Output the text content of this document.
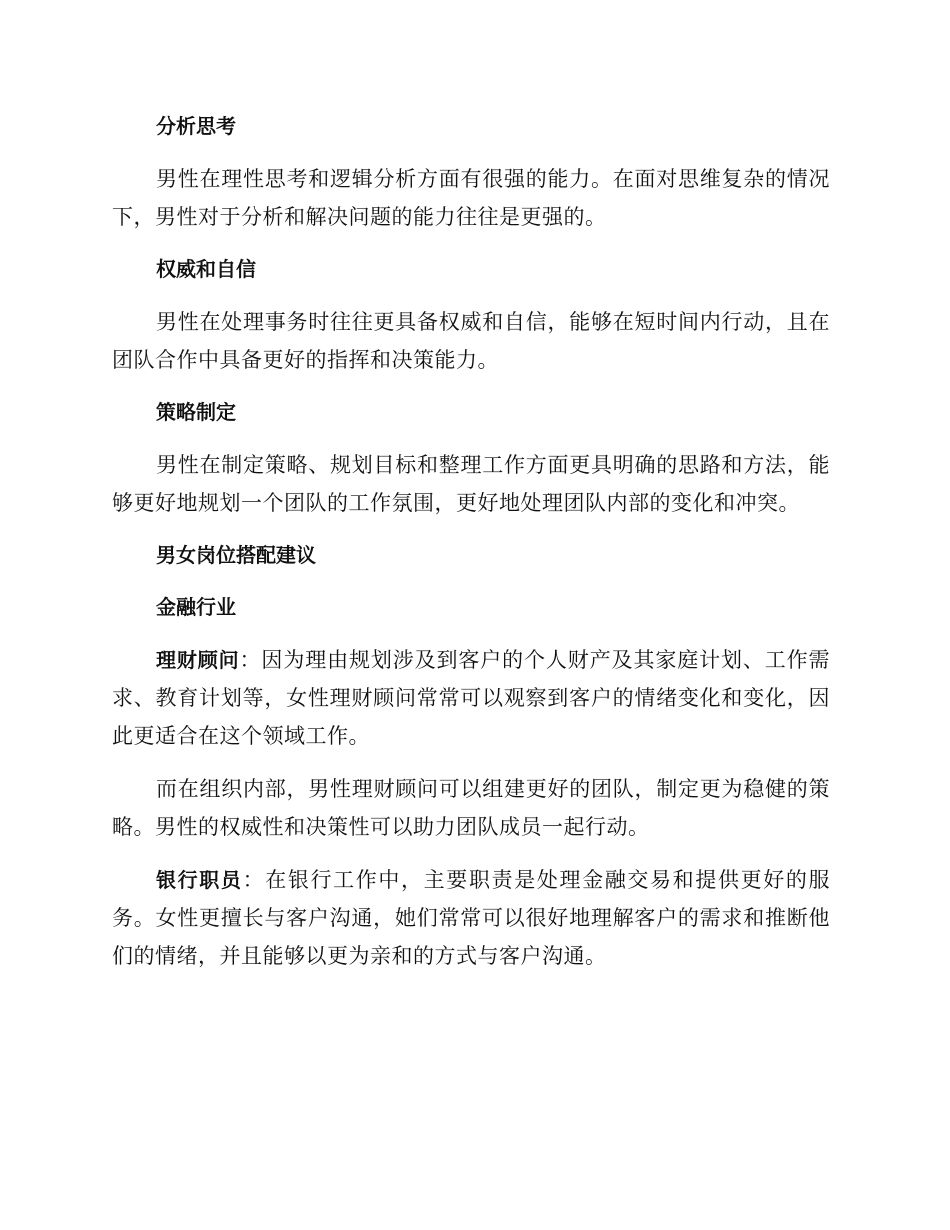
分析思考

男性在理性思考和逻辑分析方面有很强的能力。在面对思维复杂的情况下，男性对于分析和解决问题的能力往往是更强的。

权威和自信

男性在处理事务时往往更具备权威和自信，能够在短时间内行动，且在团队合作中具备更好的指挥和决策能力。

策略制定

男性在制定策略、规划目标和整理工作方面更具明确的思路和方法，能够更好地规划一个团队的工作氛围，更好地处理团队内部的变化和冲突。

男女岗位搭配建议
金融行业

理财顾问：因为理由规划涉及到客户的个人财产及其家庭计划、工作需求、教育计划等，女性理财顾问常常可以观察到客户的情绪变化和变化，因此更适合在这个领域工作。

而在组织内部，男性理财顾问可以组建更好的团队，制定更为稳健的策略。男性的权威性和决策性可以助力团队成员一起行动。

银行职员：在银行工作中，主要职责是处理金融交易和提供更好的服务。女性更擅长与客户沟通，她们常常可以很好地理解客户的需求和推断他们的情绪，并且能够以更为亲和的方式与客户沟通。
